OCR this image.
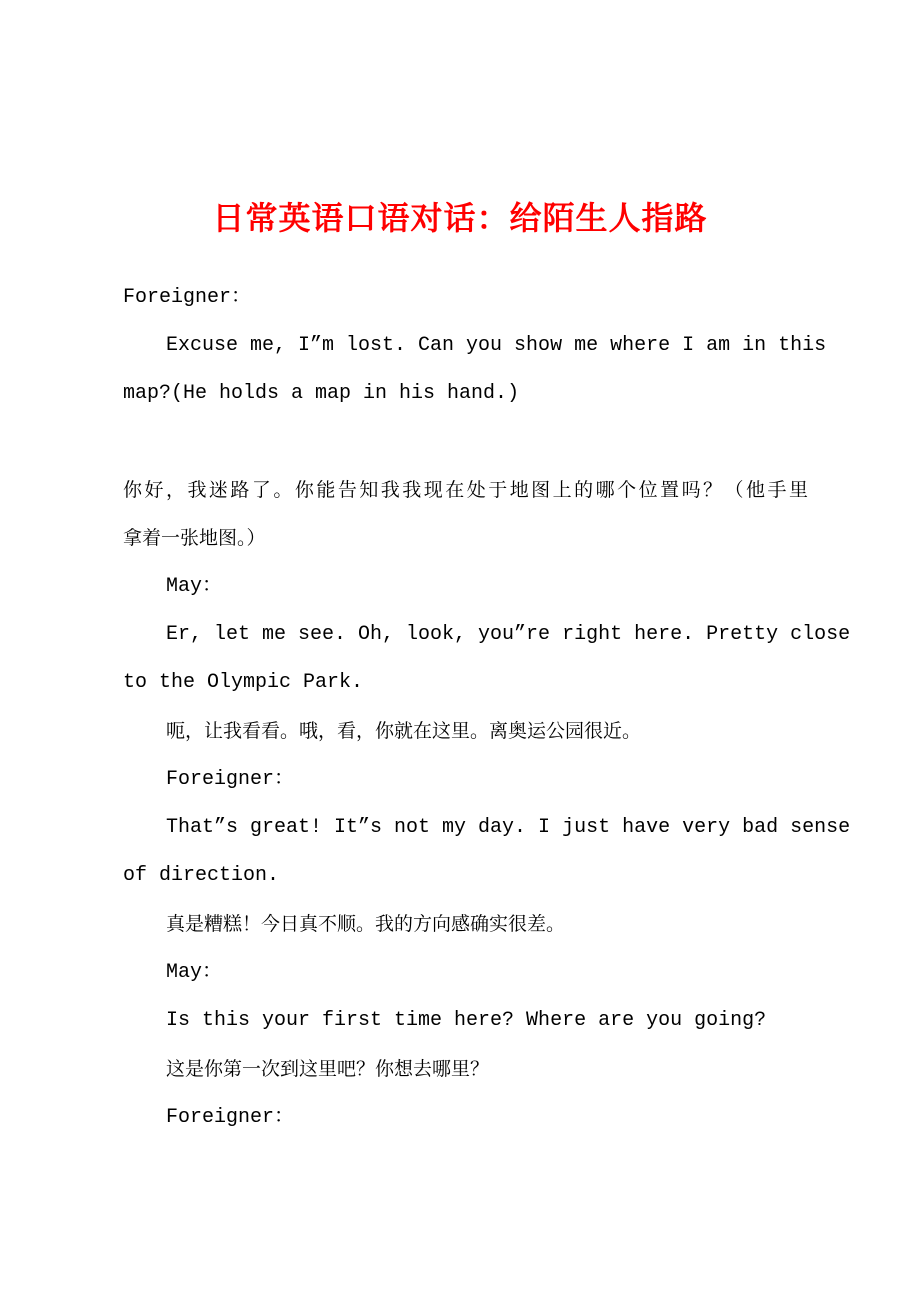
日常英语口语对话：给陌生人指路
Foreigner：
Excuse me, I”m lost. Can you show me where I am in this
map?(He holds a map in his hand.)
你好，我迷路了。你能告知我我现在处于地图上的哪个位置吗？（他手里
拿着一张地图。）
May：
Er, let me see. Oh, look, you”re right here. Pretty close
to the Olympic Park.
呃，让我看看。哦，看，你就在这里。离奥运公园很近。
Foreigner：
That”s great! It”s not my day. I just have very bad sense
of direction.
真是糟糕！今日真不顺。我的方向感确实很差。
May：
Is this your first time here? Where are you going?
这是你第一次到这里吧？你想去哪里？
Foreigner：
